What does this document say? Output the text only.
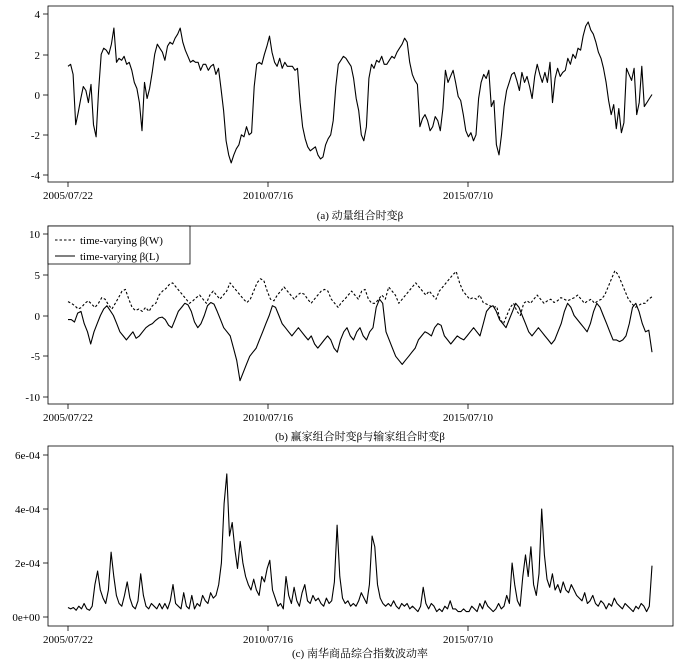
4
2
0
-2
-4
2005/07/22	2010/07/16	2015/07/10
(a) 动量组合时变β
10
5
0
-5
-10
2005/07/22	2010/07/16	2015/07/10
time-varying β(W)
time-varying β(L)
(b) 赢家组合时变β与输家组合时变β
6e-04
4e-04
2e-04
0e+00
2005/07/22	2010/07/16	2015/07/10
(c) 南华商品综合指数波动率
